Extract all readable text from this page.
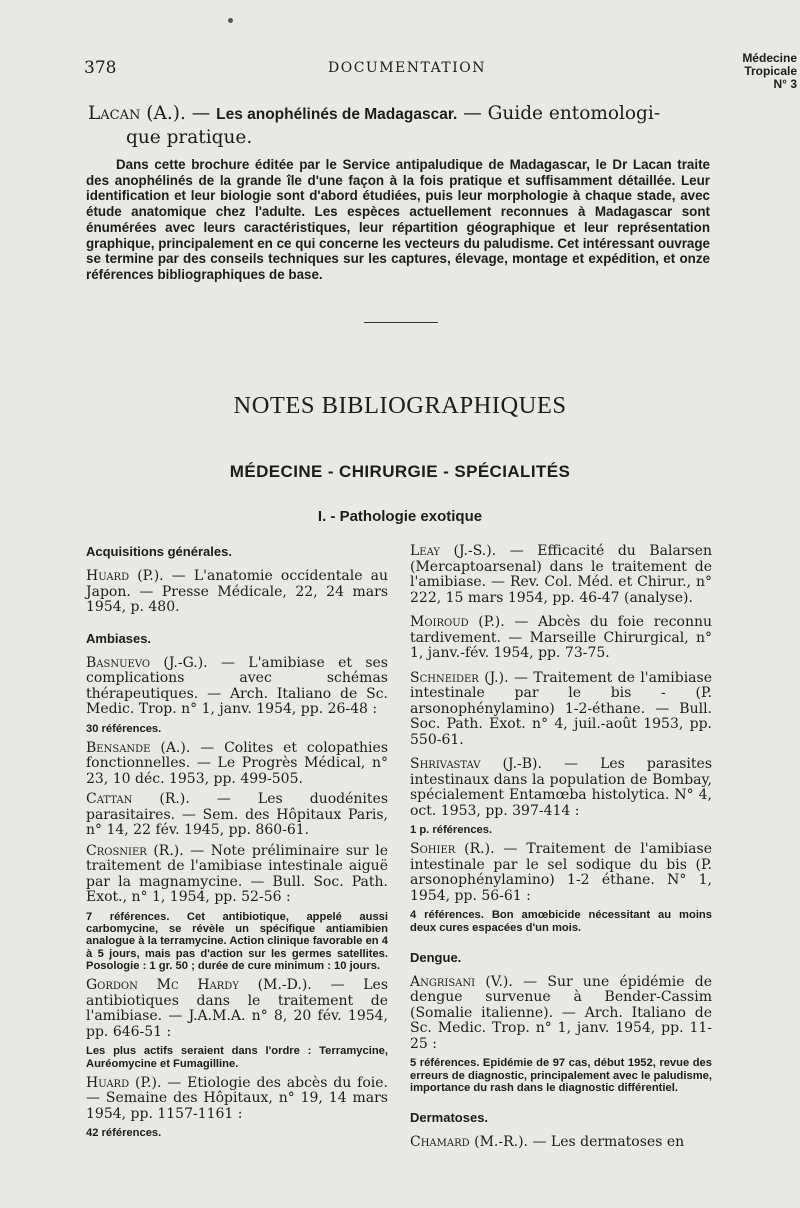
378	DOCUMENTATION
Médecine
Tropicale
N° 3
Lacan (A.). — Les anophélinés de Madagascar. — Guide entomologi-
que pratique.

Dans cette brochure éditée par le Service antipaludique de Madagascar, le Dr Lacan traite des anophélinés de la grande île d'une façon à la fois pratique et suffisamment détaillée. Leur identification et leur biologie sont d'abord étudiées, puis leur morphologie à chaque stade, avec étude anatomique chez l'adulte. Les espèces actuellement reconnues à Madagascar sont énumérées avec leurs caractéristiques, leur répartition géographique et leur représentation graphique, principalement en ce qui concerne les vecteurs du paludisme. Cet intéressant ouvrage se termine par des conseils techniques sur les captures, élevage, montage et expédition, et onze références bibliographiques de base.

NOTES BIBLIOGRAPHIQUES
MÉDECINE - CHIRURGIE - SPÉCIALITÉS
I. - Pathologie exotique
Acquisitions générales.
Huard (P.). — L'anatomie occidentale au Japon. — Presse Médicale, 22, 24 mars 1954, p. 480.
Ambiases.
Basnuevo (J.-G.). — L'amibiase et ses complications avec schémas thérapeutiques. — Arch. Italiano de Sc. Medic. Trop. n° 1, janv. 1954, pp. 26-48 :
30 références.
Bensande (A.). — Colites et colopathies fonctionnelles. — Le Progrès Médical, n° 23, 10 déc. 1953, pp. 499-505.
Cattan (R.). — Les duodénites parasitaires. — Sem. des Hôpitaux Paris, n° 14, 22 fév. 1945, pp. 860-61.
Crosnier (R.). — Note préliminaire sur le traitement de l'amibiase intestinale aiguë par la magnamycine. — Bull. Soc. Path. Exot., n° 1, 1954, pp. 52-56 :
7 références. Cet antibiotique, appelé aussi carbomycine, se révèle un spécifique antiamibien analogue à la terramycine. Action clinique favorable en 4 à 5 jours, mais pas d'action sur les germes satellites. Posologie : 1 gr. 50 ; durée de cure minimum : 10 jours.
Gordon Mc Hardy (M.-D.). — Les antibiotiques dans le traitement de l'amibiase. — J.A.M.A. n° 8, 20 fév. 1954, pp. 646-51 :
Les plus actifs seraient dans l'ordre : Terramycine, Auréomycine et Fumagilline.
Huard (P.). — Etiologie des abcès du foie. — Semaine des Hôpitaux, n° 19, 14 mars 1954, pp. 1157-1161 :
42 références.
Leay (J.-S.). — Efficacité du Balarsen (Mercaptoarsenal) dans le traitement de l'amibiase. — Rev. Col. Méd. et Chirur., n° 222, 15 mars 1954, pp. 46-47 (analyse).
Moiroud (P.). — Abcès du foie reconnu tardivement. — Marseille Chirurgical, n° 1, janv.-fév. 1954, pp. 73-75.
Schneider (J.). — Traitement de l'amibiase intestinale par le bis - (P. arsonophénylamino) 1-2-éthane. — Bull. Soc. Path. Exot. n° 4, juil.-août 1953, pp. 550-61.
Shrivastav (J.-B). — Les parasites intestinaux dans la population de Bombay, spécialement Entamœba histolytica. N° 4, oct. 1953, pp. 397-414 :
1 p. références.
Sohier (R.). — Traitement de l'amibiase intestinale par le sel sodique du bis (P. arsonophénylamino) 1-2 éthane. N° 1, 1954, pp. 56-61 :
4 références. Bon amœbicide nécessitant au moins deux cures espacées d'un mois.
Dengue.
Angrisani (V.). — Sur une épidémie de dengue survenue à Bender-Cassim (Somalie italienne). — Arch. Italiano de Sc. Medic. Trop. n° 1, janv. 1954, pp. 11-25 :
5 références. Epidémie de 97 cas, début 1952, revue des erreurs de diagnostic, principalement avec le paludisme, importance du rash dans le diagnostic différentiel.
Dermatoses.
Chamard (M.-R.). — Les dermatoses en
